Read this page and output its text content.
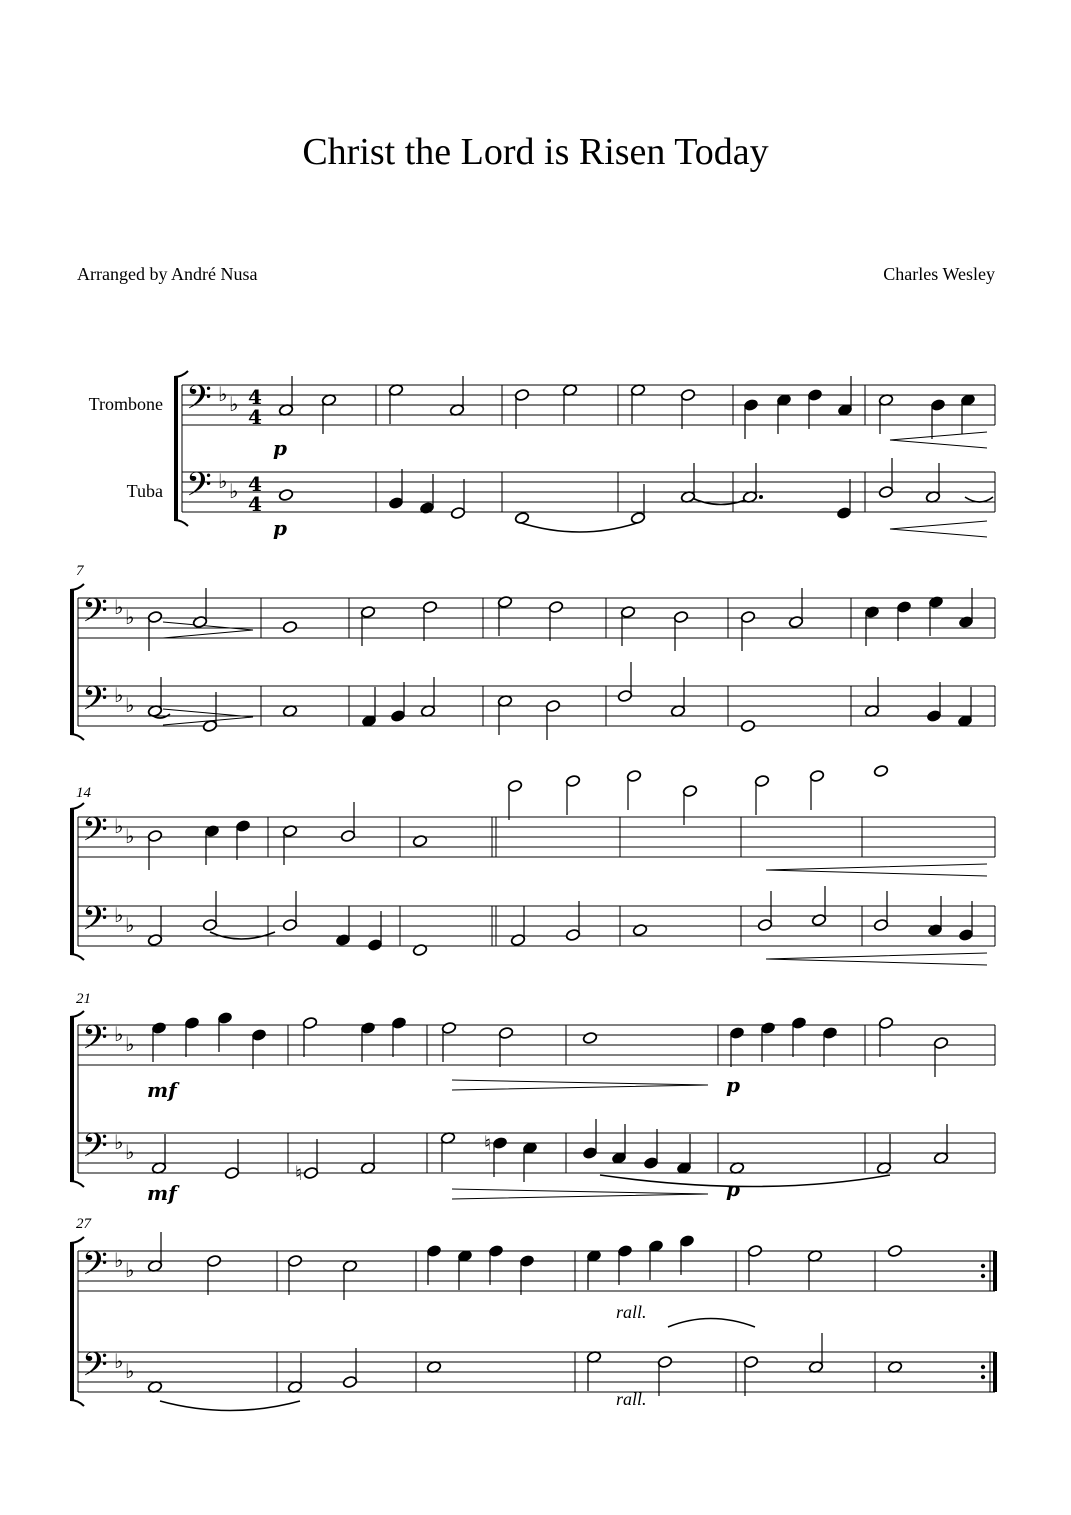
Christ the Lord is Risen Today
Arranged by André Nusa	Charles Wesley
Trombone
Tuba
7
14
21
27
𝄢 ♭ ♭ 4
4
𝄢 ♭ ♭ 4
4
𝄢 ♭ ♭
𝄢 ♭ ♭
𝄢 ♭ ♭
𝄢 ♭ ♭
𝄢 ♭ ♭
𝄢 ♭ ♭
𝄢 ♭ ♭
𝄢 ♭ ♭
p
p
mf
mf
p
p
rall.
rall.
♮
♮
